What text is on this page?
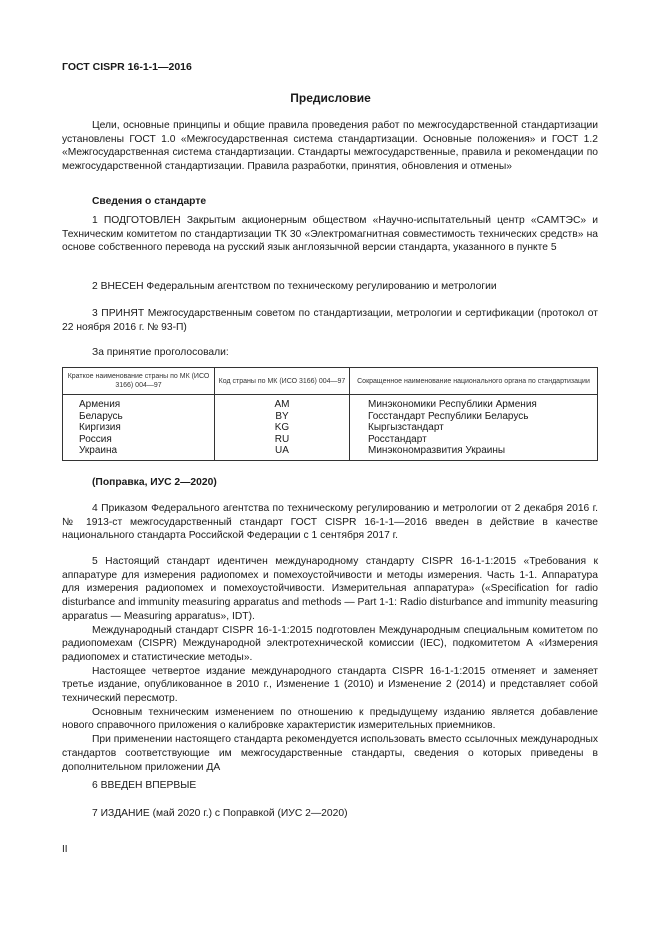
ГОСТ CISPR 16-1-1—2016
Предисловие

Цели, основные принципы и общие правила проведения работ по межгосударственной стандартизации установлены ГОСТ 1.0 «Межгосударственная система стандартизации. Основные положения» и ГОСТ 1.2 «Межгосударственная система стандартизации. Стандарты межгосударственные, правила и рекомендации по межгосударственной стандартизации. Правила разработки, принятия, обновления и отмены»

Сведения о стандарте

1 ПОДГОТОВЛЕН Закрытым акционерным обществом «Научно-испытательный центр «САМТЭС» и Техническим комитетом по стандартизации ТК 30 «Электромагнитная совместимость технических средств» на основе собственного перевода на русский язык англоязычной версии стандарта, указанного в пункте 5

2 ВНЕСЕН Федеральным агентством по техническому регулированию и метрологии

3 ПРИНЯТ Межгосударственным советом по стандартизации, метрологии и сертификации (протокол от 22 ноября 2016 г. № 93-П)

За принятие проголосовали:

Краткое наименование страны по МК (ИСО 3166) 004—97	Код страны по МК (ИСО 3166) 004—97	Сокращенное наименование национального органа по стандартизации
Армения	AM	Минэкономики Республики Армения
Беларусь	BY	Госстандарт Республики Беларусь
Киргизия	KG	Кыргызстандарт
Россия	RU	Росстандарт
Украина	UA	Минэкономразвития Украины

(Поправка, ИУС 2—2020)

4 Приказом Федерального агентства по техническому регулированию и метрологии от 2 декабря 2016 г. № 1913-ст межгосударственный стандарт ГОСТ CISPR 16-1-1—2016 введен в действие в качестве национального стандарта Российской Федерации с 1 сентября 2017 г.

5 Настоящий стандарт идентичен международному стандарту CISPR 16-1-1:2015 «Требования к аппаратуре для измерения радиопомех и помехоустойчивости и методы измерения. Часть 1-1. Аппаратура для измерения радиопомех и помехоустойчивости. Измерительная аппаратура» («Specification for radio disturbance and immunity measuring apparatus and methods — Part 1-1: Radio disturbance and immunity measuring apparatus — Measuring apparatus», IDT).

Международный стандарт CISPR 16-1-1:2015 подготовлен Международным специальным комитетом по радиопомехам (CISPR) Международной электротехнической комиссии (IEC), подкомитетом А «Измерения радиопомех и статистические методы».

Настоящее четвертое издание международного стандарта CISPR 16-1-1:2015 отменяет и заменяет третье издание, опубликованное в 2010 г., Изменение 1 (2010) и Изменение 2 (2014) и представляет собой технический пересмотр.

Основным техническим изменением по отношению к предыдущему изданию является добавление нового справочного приложения о калибровке характеристик измерительных приемников.

При применении настоящего стандарта рекомендуется использовать вместо ссылочных международных стандартов соответствующие им межгосударственные стандарты, сведения о которых приведены в дополнительном приложении ДА

6 ВВЕДЕН ВПЕРВЫЕ

7 ИЗДАНИЕ (май 2020 г.) с Поправкой (ИУС 2—2020)

II
